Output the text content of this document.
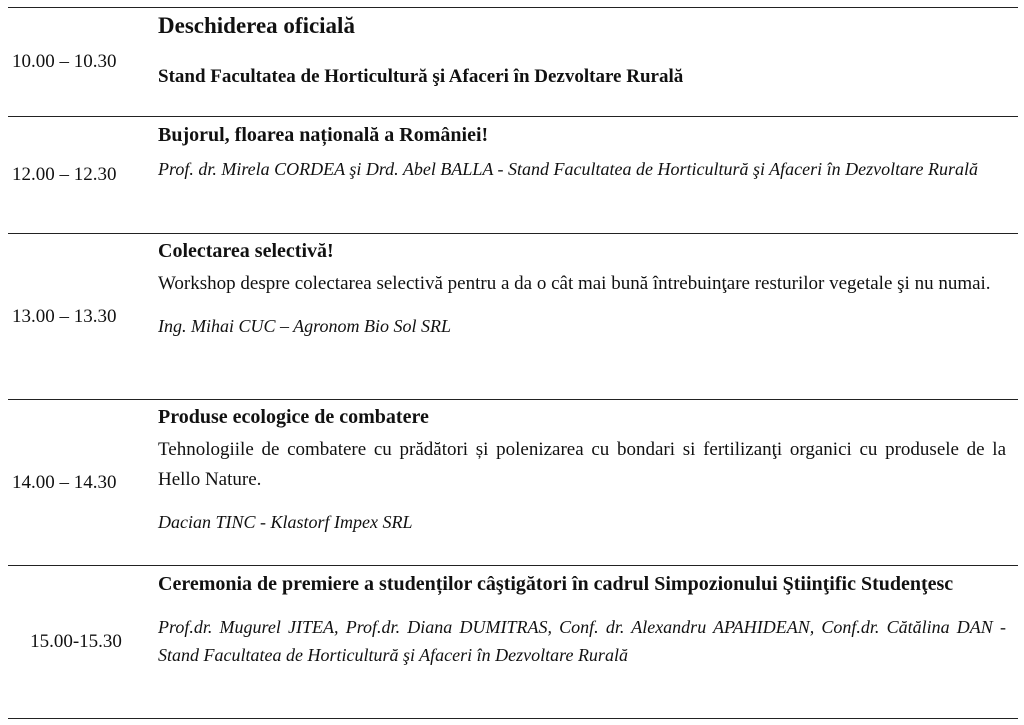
10.00 – 10.30
Deschiderea oficială
Stand Facultatea de Horticultură şi Afaceri în Dezvoltare Rurală
12.00 – 12.30
Bujorul, floarea națională a României!
Prof. dr. Mirela CORDEA şi Drd. Abel BALLA - Stand Facultatea de Horticultură şi Afaceri în Dezvoltare Rurală
13.00 – 13.30
Colectarea selectivă!
Workshop despre colectarea selectivă pentru a da o cât mai bună întrebuinţare resturilor vegetale şi nu numai.
Ing. Mihai CUC – Agronom Bio Sol SRL
14.00 – 14.30
Produse ecologice de combatere
Tehnologiile de combatere cu prădători și polenizarea cu bondari si fertilizanţi organici cu produsele de la Hello Nature.
Dacian TINC - Klastorf Impex SRL
15.00-15.30
Ceremonia de premiere a studenților câştigători în cadrul Simpozionului Ştiinţific Studenţesc
Prof.dr. Mugurel JITEA, Prof.dr. Diana DUMITRAS, Conf. dr. Alexandru APAHIDEAN, Conf.dr. Cătălina DAN - Stand Facultatea de Horticultură şi Afaceri în Dezvoltare Rurală
